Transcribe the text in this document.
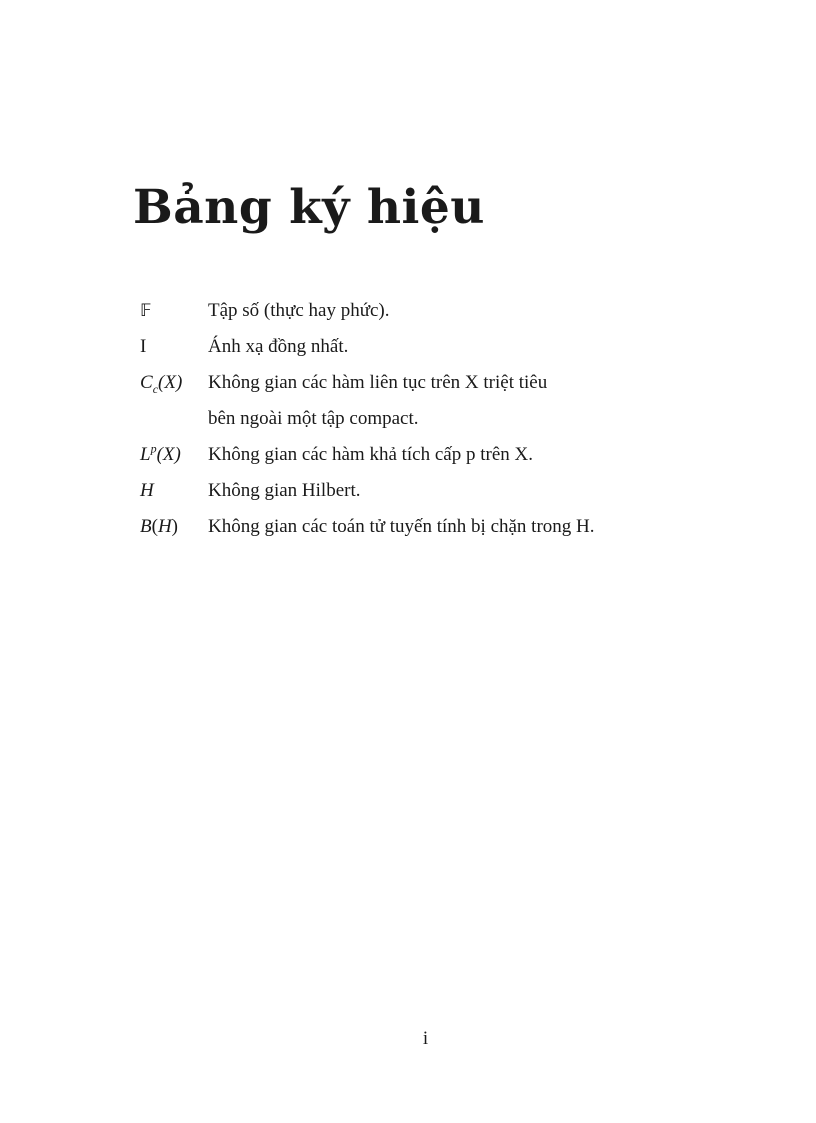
Bảng ký hiệu
𝔽	Tập số (thực hay phức).
I	Ánh xạ đồng nhất.
$C_c(X)$	Không gian các hàm liên tục trên X triệt tiêu
bên ngoài một tập compact.
$L^p(X)$	Không gian các hàm khả tích cấp p trên X.
H	Không gian Hilbert.
B(H)	Không gian các toán tử tuyến tính bị chặn trong H.
i
